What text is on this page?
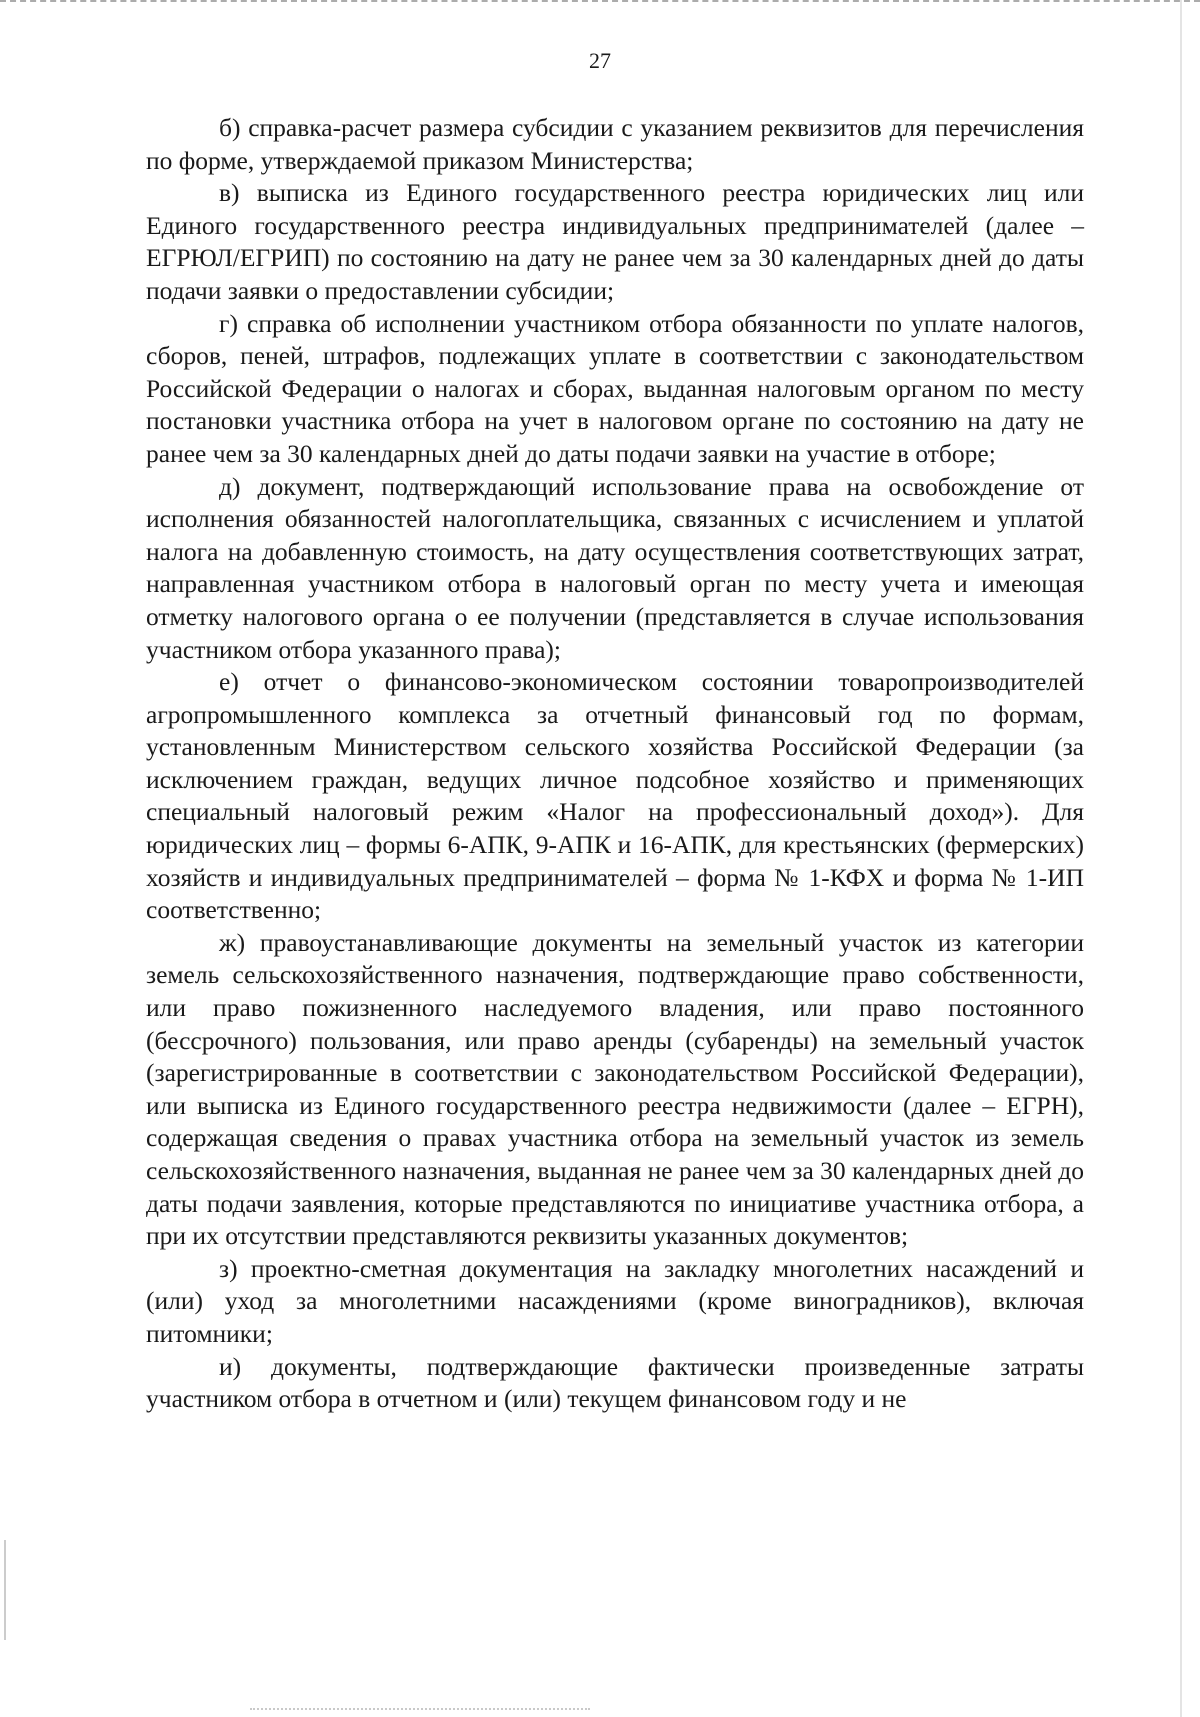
27

б) справка-расчет размера субсидии с указанием реквизитов для перечисления по форме, утверждаемой приказом Министерства;

в) выписка из Единого государственного реестра юридических лиц или Единого государственного реестра индивидуальных предпринимателей (далее – ЕГРЮЛ/ЕГРИП) по состоянию на дату не ранее чем за 30 календарных дней до даты подачи заявки о предоставлении субсидии;

г) справка об исполнении участником отбора обязанности по уплате налогов, сборов, пеней, штрафов, подлежащих уплате в соответствии с законодательством Российской Федерации о налогах и сборах, выданная налоговым органом по месту постановки участника отбора на учет в налоговом органе по состоянию на дату не ранее чем за 30 календарных дней до даты подачи заявки на участие в отборе;

д) документ, подтверждающий использование права на освобождение от исполнения обязанностей налогоплательщика, связанных с исчислением и уплатой налога на добавленную стоимость, на дату осуществления соответствующих затрат, направленная участником отбора в налоговый орган по месту учета и имеющая отметку налогового органа о ее получении (представляется в случае использования участником отбора указанного права);

е) отчет о финансово-экономическом состоянии товаропроизводителей агропромышленного комплекса за отчетный финансовый год по формам, установленным Министерством сельского хозяйства Российской Федерации (за исключением граждан, ведущих личное подсобное хозяйство и применяющих специальный налоговый режим «Налог на профессиональный доход»). Для юридических лиц – формы 6-АПК, 9-АПК и 16-АПК, для крестьянских (фермерских) хозяйств и индивидуальных предпринимателей – форма № 1-КФХ и форма № 1-ИП соответственно;

ж) правоустанавливающие документы на земельный участок из категории земель сельскохозяйственного назначения, подтверждающие право собственности, или право пожизненного наследуемого владения, или право постоянного (бессрочного) пользования, или право аренды (субаренды) на земельный участок (зарегистрированные в соответствии с законодательством Российской Федерации), или выписка из Единого государственного реестра недвижимости (далее – ЕГРН), содержащая сведения о правах участника отбора на земельный участок из земель сельскохозяйственного назначения, выданная не ранее чем за 30 календарных дней до даты подачи заявления, которые представляются по инициативе участника отбора, а при их отсутствии представляются реквизиты указанных документов;

з) проектно-сметная документация на закладку многолетних насаждений и (или) уход за многолетними насаждениями (кроме виноградников), включая питомники;

и) документы, подтверждающие фактически произведенные затраты участником отбора в отчетном и (или) текущем финансовом году и не
